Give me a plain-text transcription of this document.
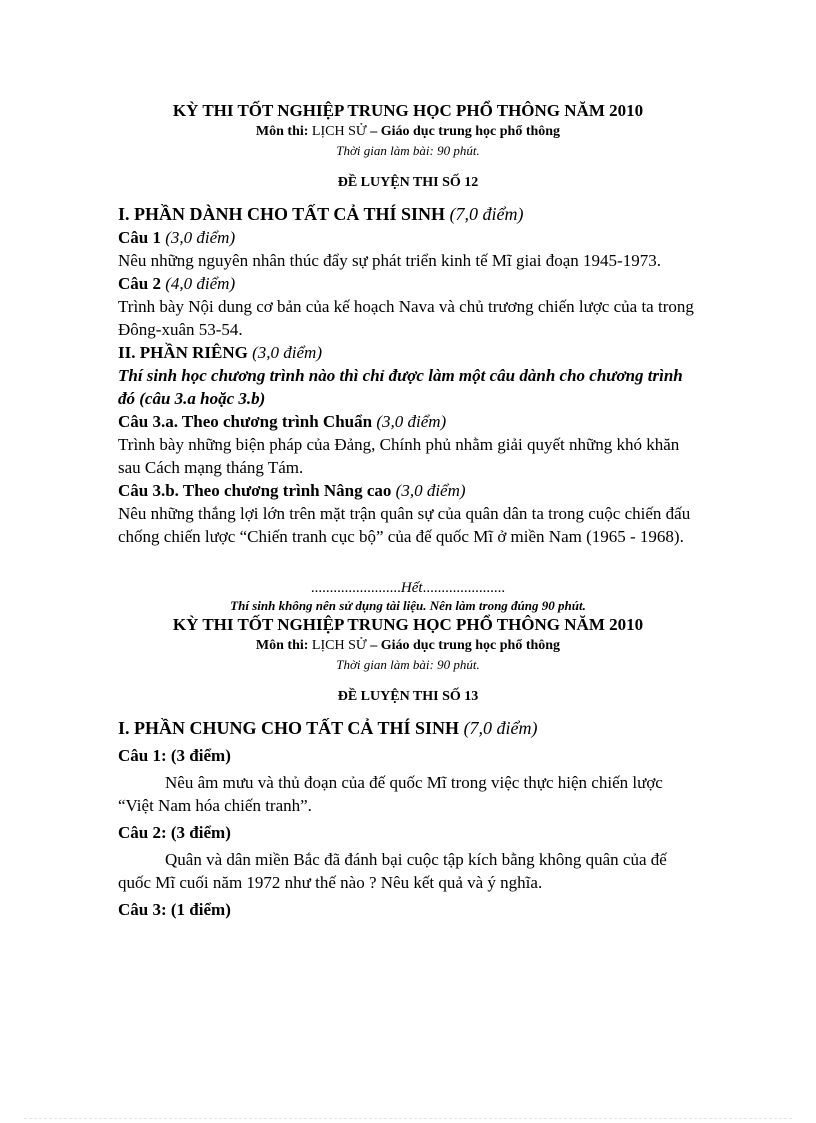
KỲ THI TỐT NGHIỆP TRUNG HỌC PHỔ THÔNG NĂM 2010

Môn thi: LỊCH SỬ – Giáo dục trung học phổ thông

Thời gian làm bài: 90 phút.

ĐỀ LUYỆN THI SỐ 12

I. PHẦN DÀNH CHO TẤT CẢ THÍ SINH (7,0 điểm)

Câu 1 (3,0 điểm)

Nêu những nguyên nhân thúc đẩy sự phát triển kinh tế Mĩ giai đoạn 1945-1973.

Câu 2 (4,0 điểm)

Trình bày Nội dung cơ bản của kế hoạch Nava và chủ trương chiến lược của ta trong Đông-xuân 53-54.

II. PHẦN RIÊNG (3,0 điểm)

Thí sinh học chương trình nào thì chỉ được làm một câu dành cho chương trình đó (câu 3.a hoặc 3.b)

Câu 3.a. Theo chương trình Chuẩn (3,0 điểm)

Trình bày những biện pháp của Đảng, Chính phủ nhằm giải quyết những khó khăn sau Cách mạng tháng Tám.

Câu 3.b. Theo chương trình Nâng cao (3,0 điểm)

Nêu những thắng lợi lớn trên mặt trận quân sự của quân dân ta trong cuộc chiến đấu chống chiến lược “Chiến tranh cục bộ” của đế quốc Mĩ ở miền Nam (1965 - 1968).

........................Hết......................

Thí sinh không nên sử dụng tài liệu. Nên làm trong đúng 90 phút.

KỲ THI TỐT NGHIỆP TRUNG HỌC PHỔ THÔNG NĂM 2010

Môn thi: LỊCH SỬ – Giáo dục trung học phổ thông

Thời gian làm bài: 90 phút.

ĐỀ LUYỆN THI SỐ 13

I. PHẦN CHUNG CHO TẤT CẢ THÍ SINH (7,0 điểm)

Câu 1: (3 điểm)

Nêu âm mưu và thủ đoạn của đế quốc Mĩ trong việc thực hiện chiến lược “Việt Nam hóa chiến tranh”.

Câu 2: (3 điểm)

Quân và dân miền Bắc đã đánh bại cuộc tập kích bằng không quân của đế quốc Mĩ cuối năm 1972 như thế nào ? Nêu kết quả và ý nghĩa.

Câu 3: (1 điểm)
